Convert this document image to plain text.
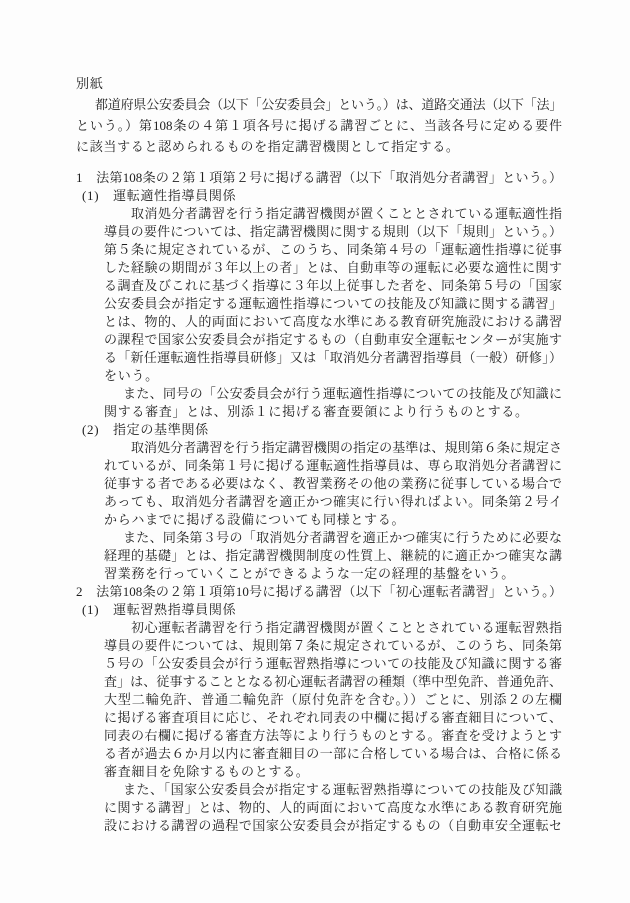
別紙
都道府県公安委員会（以下「公安委員会」という。）は、道路交通法（以下「法」
という。）第108条の４第１項各号に掲げる講習ごとに、当該各号に定める要件
に該当すると認められるものを指定講習機関として指定する。
1　法第108条の２第１項第２号に掲げる講習（以下「取消処分者講習」という。）
(1)　運転適性指導員関係
取消処分者講習を行う指定講習機関が置くこととされている運転適性指
導員の要件については、指定講習機関に関する規則（以下「規則」という。）
第５条に規定されているが、このうち、同条第４号の「運転適性指導に従事
した経験の期間が３年以上の者」とは、自動車等の運転に必要な適性に関す
る調査及びこれに基づく指導に３年以上従事した者を、同条第５号の「国家
公安委員会が指定する運転適性指導についての技能及び知識に関する講習」
とは、物的、人的両面において高度な水準にある教育研究施設における講習
の課程で国家公安委員会が指定するもの（自動車安全運転センターが実施す
る「新任運転適性指導員研修」又は「取消処分者講習指導員（一般）研修」）
をいう。
また、同号の「公安委員会が行う運転適性指導についての技能及び知識に
関する審査」とは、別添１に掲げる審査要領により行うものとする。
(2)　指定の基準関係
取消処分者講習を行う指定講習機関の指定の基準は、規則第６条に規定さ
れているが、同条第１号に掲げる運転適性指導員は、専ら取消処分者講習に
従事する者である必要はなく、教習業務その他の業務に従事している場合で
あっても、取消処分者講習を適正かつ確実に行い得ればよい。同条第２号イ
からハまでに掲げる設備についても同様とする。
また、同条第３号の「取消処分者講習を適正かつ確実に行うために必要な
経理的基礎」とは、指定講習機関制度の性質上、継続的に適正かつ確実な講
習業務を行っていくことができるような一定の経理的基盤をいう。
2　法第108条の２第１項第10号に掲げる講習（以下「初心運転者講習」という。）
(1)　運転習熟指導員関係
初心運転者講習を行う指定講習機関が置くこととされている運転習熟指
導員の要件については、規則第７条に規定されているが、このうち、同条第
５号の「公安委員会が行う運転習熟指導についての技能及び知識に関する審
査」は、従事することとなる初心運転者講習の種類（準中型免許、普通免許、
大型二輪免許、普通二輪免許（原付免許を含む。））ごとに、別添２の左欄
に掲げる審査項目に応じ、それぞれ同表の中欄に掲げる審査細目について、
同表の右欄に掲げる審査方法等により行うものとする。審査を受けようとす
る者が過去６か月以内に審査細目の一部に合格している場合は、合格に係る
審査細目を免除するものとする。
また、「国家公安委員会が指定する運転習熟指導についての技能及び知識
に関する講習」とは、物的、人的両面において高度な水準にある教育研究施
設における講習の過程で国家公安委員会が指定するもの（自動車安全運転セ
